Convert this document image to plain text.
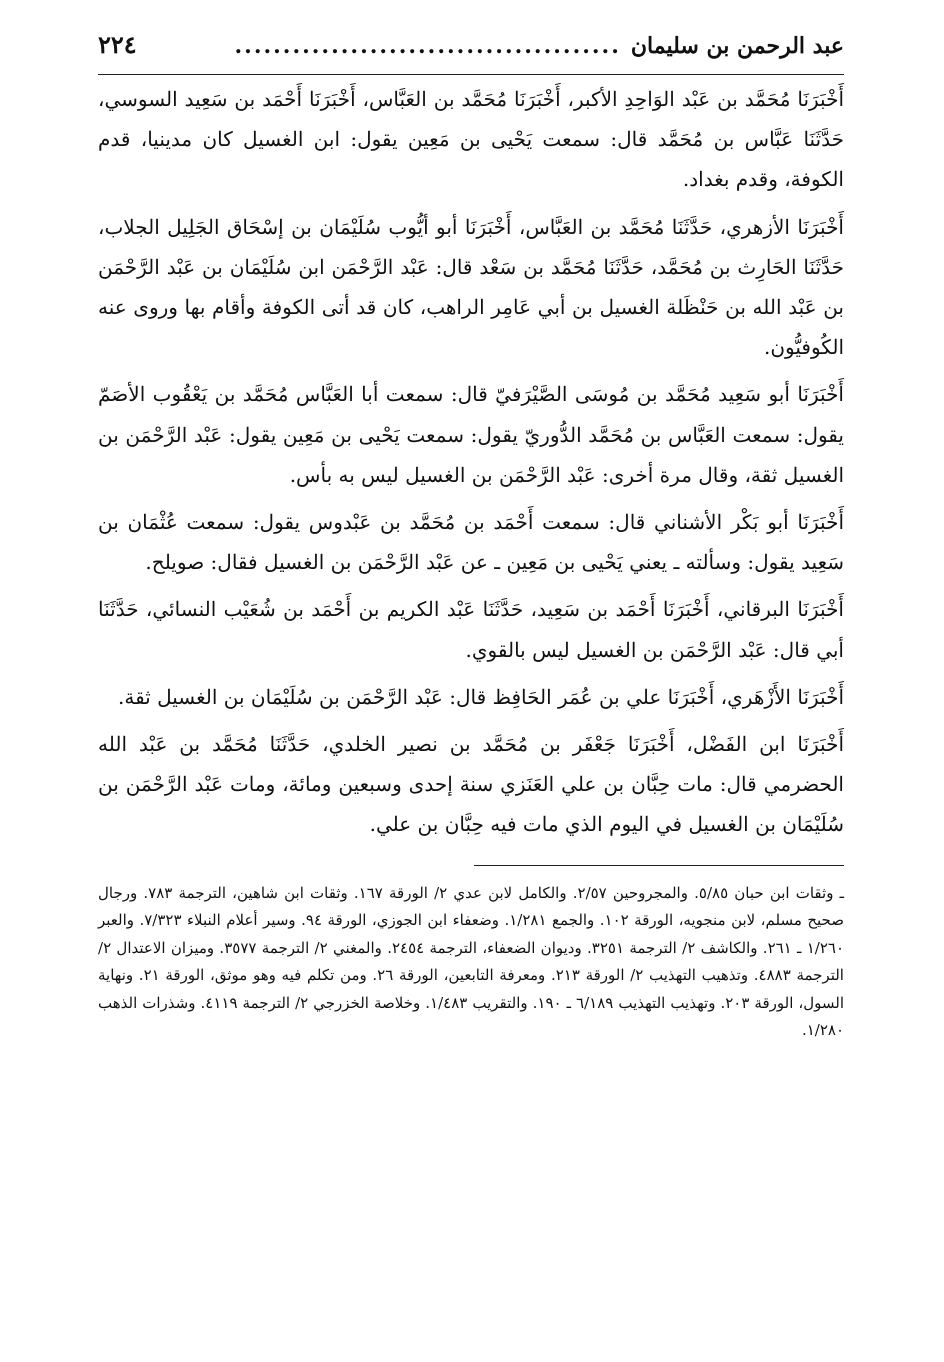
عبد الرحمن بن سليمان
........................................
٢٢٤

أَخْبَرَنَا مُحَمَّد بن عَبْد الوَاحِدِ الأكبر، أَخْبَرَنَا مُحَمَّد بن العَبَّاس، أَخْبَرَنَا أَحْمَد بن سَعِيد السوسي، حَدَّثَنَا عَبَّاس بن مُحَمَّد قال: سمعت يَحْيى بن مَعِين يقول: ابن الغسيل كان مدينيا، قدم الكوفة، وقدم بغداد.

أَخْبَرَنَا الأزهري، حَدَّثَنَا مُحَمَّد بن العَبَّاس، أَخْبَرَنَا أبو أيُّوب سُلَيْمَان بن إسْحَاق الجَلِيل الجلاب، حَدَّثَنَا الحَارِث بن مُحَمَّد، حَدَّثَنَا مُحَمَّد بن سَعْد قال: عَبْد الرَّحْمَن ابن سُلَيْمَان بن عَبْد الرَّحْمَن بن عَبْد الله بن حَنْظَلة الغسيل بن أبي عَامِر الراهب، كان قد أتى الكوفة وأقام بها وروى عنه الكُوفيُّون.

أَخْبَرَنَا أبو سَعِيد مُحَمَّد بن مُوسَى الصَّيْرَفيّ قال: سمعت أبا العَبَّاس مُحَمَّد بن يَعْقُوب الأصَمّ يقول: سمعت العَبَّاس بن مُحَمَّد الدُّوريّ يقول: سمعت يَحْيى بن مَعِين يقول: عَبْد الرَّحْمَن بن الغسيل ثقة، وقال مرة أخرى: عَبْد الرَّحْمَن بن الغسيل ليس به بأس.

أَخْبَرَنَا أبو بَكْر الأشناني قال: سمعت أَحْمَد بن مُحَمَّد بن عَبْدوس يقول: سمعت عُثْمَان بن سَعِيد يقول: وسألته ـ يعني يَحْيى بن مَعِين ـ عن عَبْد الرَّحْمَن بن الغسيل فقال: صويلح.

أَخْبَرَنَا البرقاني، أَخْبَرَنَا أَحْمَد بن سَعِيد، حَدَّثَنَا عَبْد الكريم بن أَحْمَد بن شُعَيْب النسائي، حَدَّثَنَا أبي قال: عَبْد الرَّحْمَن بن الغسيل ليس بالقوي.

أَخْبَرَنَا الأَزْهَري، أَخْبَرَنَا علي بن عُمَر الحَافِظ قال: عَبْد الرَّحْمَن بن سُلَيْمَان بن الغسيل ثقة.

أَخْبَرَنَا ابن الفَضْل، أَخْبَرَنَا جَعْفَر بن مُحَمَّد بن نصير الخلدي، حَدَّثَنَا مُحَمَّد بن عَبْد الله الحضرمي قال: مات حِبَّان بن علي العَنَزي سنة إحدى وسبعين ومائة، ومات عَبْد الرَّحْمَن بن سُلَيْمَان بن الغسيل في اليوم الذي مات فيه حِبَّان بن علي.

ـ وثقات ابن حبان ٥/٨٥. والمجروحين ٢/٥٧. والكامل لابن عدي ٢/ الورقة ١٦٧. وثقات ابن شاهين، الترجمة ٧٨٣. ورجال صحيح مسلم، لابن منجويه، الورقة ١٠٢. والجمع ١/٢٨١. وضعفاء ابن الجوزي، الورقة ٩٤. وسير أعلام النبلاء ٧/٣٢٣. والعبر ١/٢٦٠ ـ ٢٦١. والكاشف ٢/ الترجمة ٣٢٥١. وديوان الضعفاء، الترجمة ٢٤٥٤. والمغني ٢/ الترجمة ٣٥٧٧. وميزان الاعتدال ٢/ الترجمة ٤٨٨٣. وتذهيب التهذيب ٢/ الورقة ٢١٣. ومعرفة التابعين، الورقة ٢٦. ومن تكلم فيه وهو موثق، الورقة ٢١. ونهاية السول، الورقة ٢٠٣. وتهذيب التهذيب ٦/١٨٩ ـ ١٩٠. والتقريب ١/٤٨٣. وخلاصة الخزرجي ٢/ الترجمة ٤١١٩. وشذرات الذهب ١/٢٨٠.
